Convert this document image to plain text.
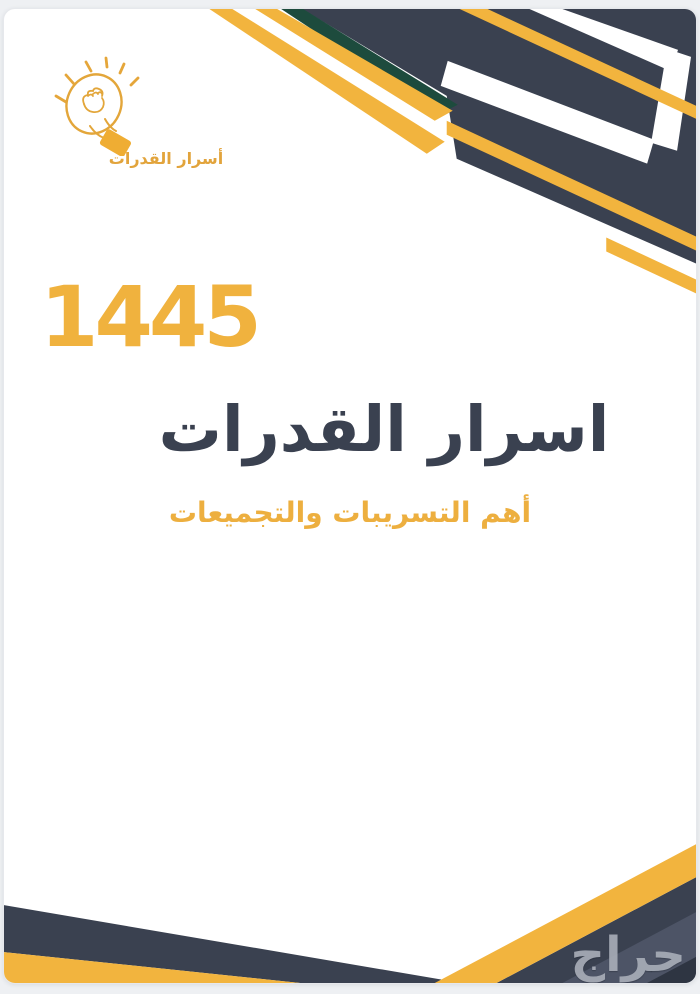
أسرار القدرات
1445
اسرار القدرات
أهم التسريبات والتجميعات
حراج
